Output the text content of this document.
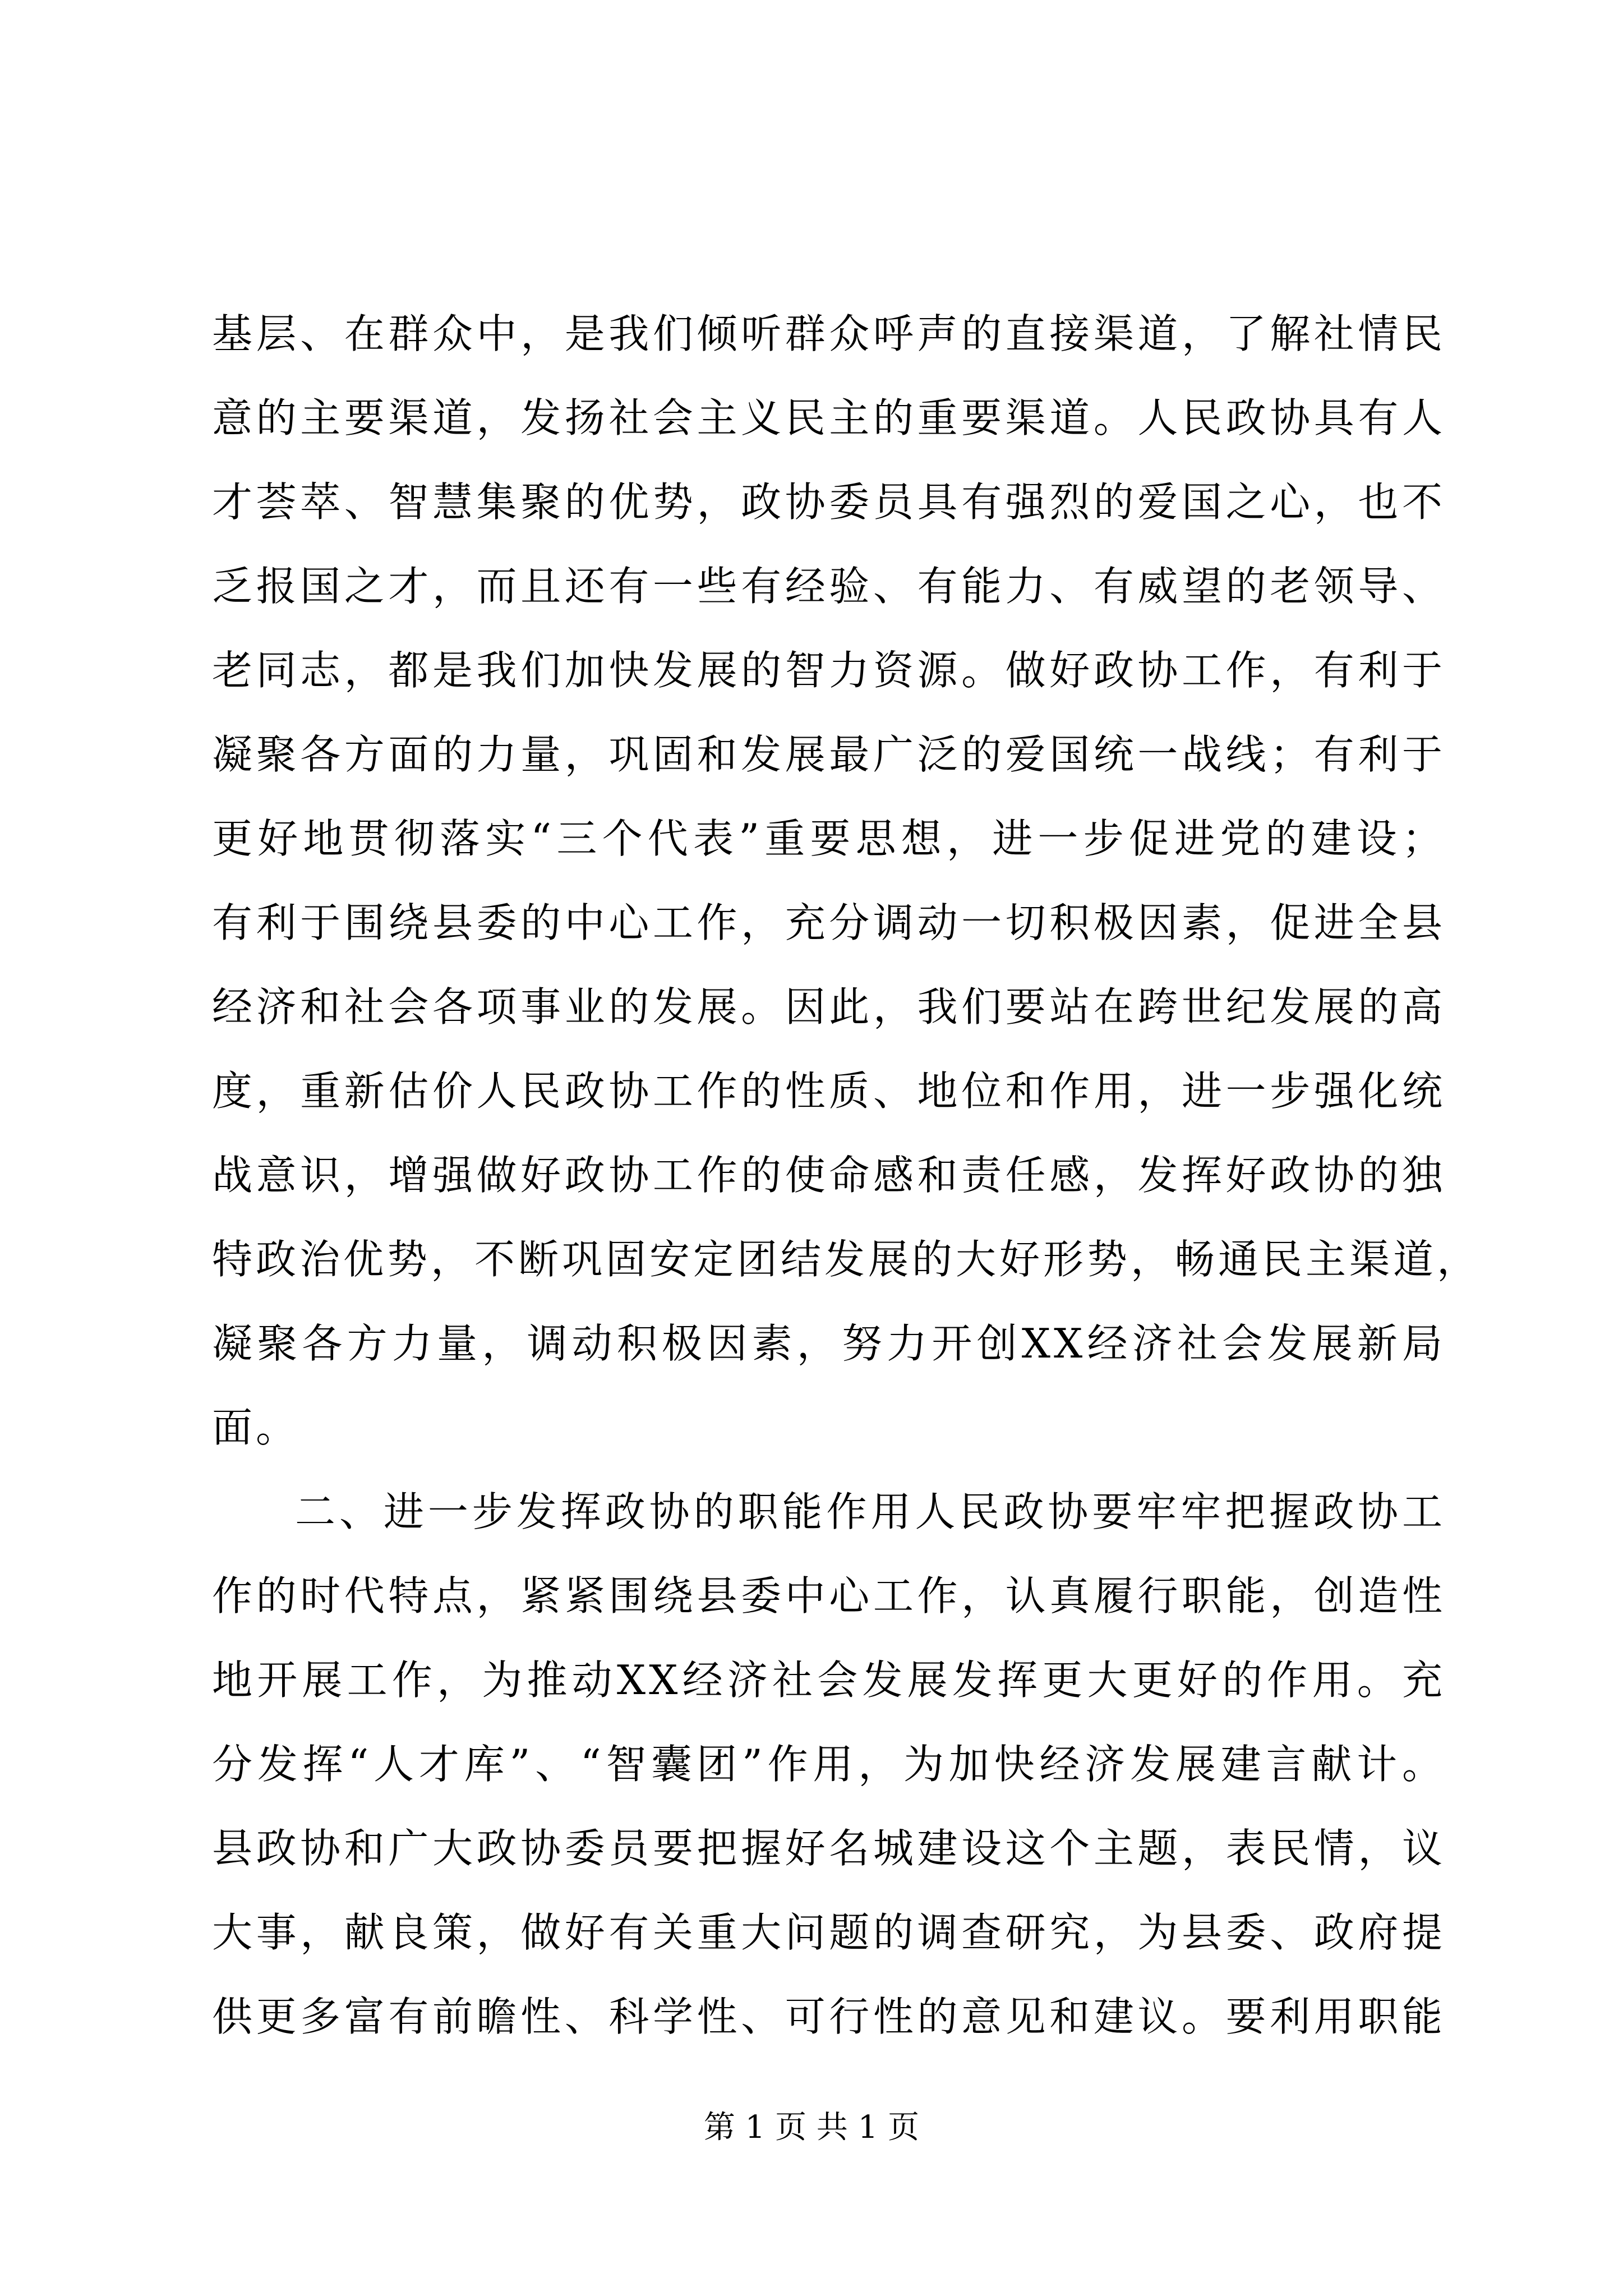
基层、在群众中，是我们倾听群众呼声的直接渠道，了解社情民
意的主要渠道，发扬社会主义民主的重要渠道。人民政协具有人
才荟萃、智慧集聚的优势，政协委员具有强烈的爱国之心，也不
乏报国之才，而且还有一些有经验、有能力、有威望的老领导、
老同志，都是我们加快发展的智力资源。做好政协工作，有利于
凝聚各方面的力量，巩固和发展最广泛的爱国统一战线；有利于
更好地贯彻落实“三个代表”重要思想，进一步促进党的建设；
有利于围绕县委的中心工作，充分调动一切积极因素，促进全县
经济和社会各项事业的发展。因此，我们要站在跨世纪发展的高
度，重新估价人民政协工作的性质、地位和作用，进一步强化统
战意识，增强做好政协工作的使命感和责任感，发挥好政协的独
特政治优势，不断巩固安定团结发展的大好形势，畅通民主渠道，
凝聚各方力量，调动积极因素，努力开创XX经济社会发展新局
面。
二、进一步发挥政协的职能作用人民政协要牢牢把握政协工
作的时代特点，紧紧围绕县委中心工作，认真履行职能，创造性
地开展工作，为推动XX经济社会发展发挥更大更好的作用。充
分发挥“人才库”、“智囊团”作用，为加快经济发展建言献计。
县政协和广大政协委员要把握好名城建设这个主题，表民情，议
大事，献良策，做好有关重大问题的调查研究，为县委、政府提
供更多富有前瞻性、科学性、可行性的意见和建议。要利用职能
第 1 页 共 1 页
